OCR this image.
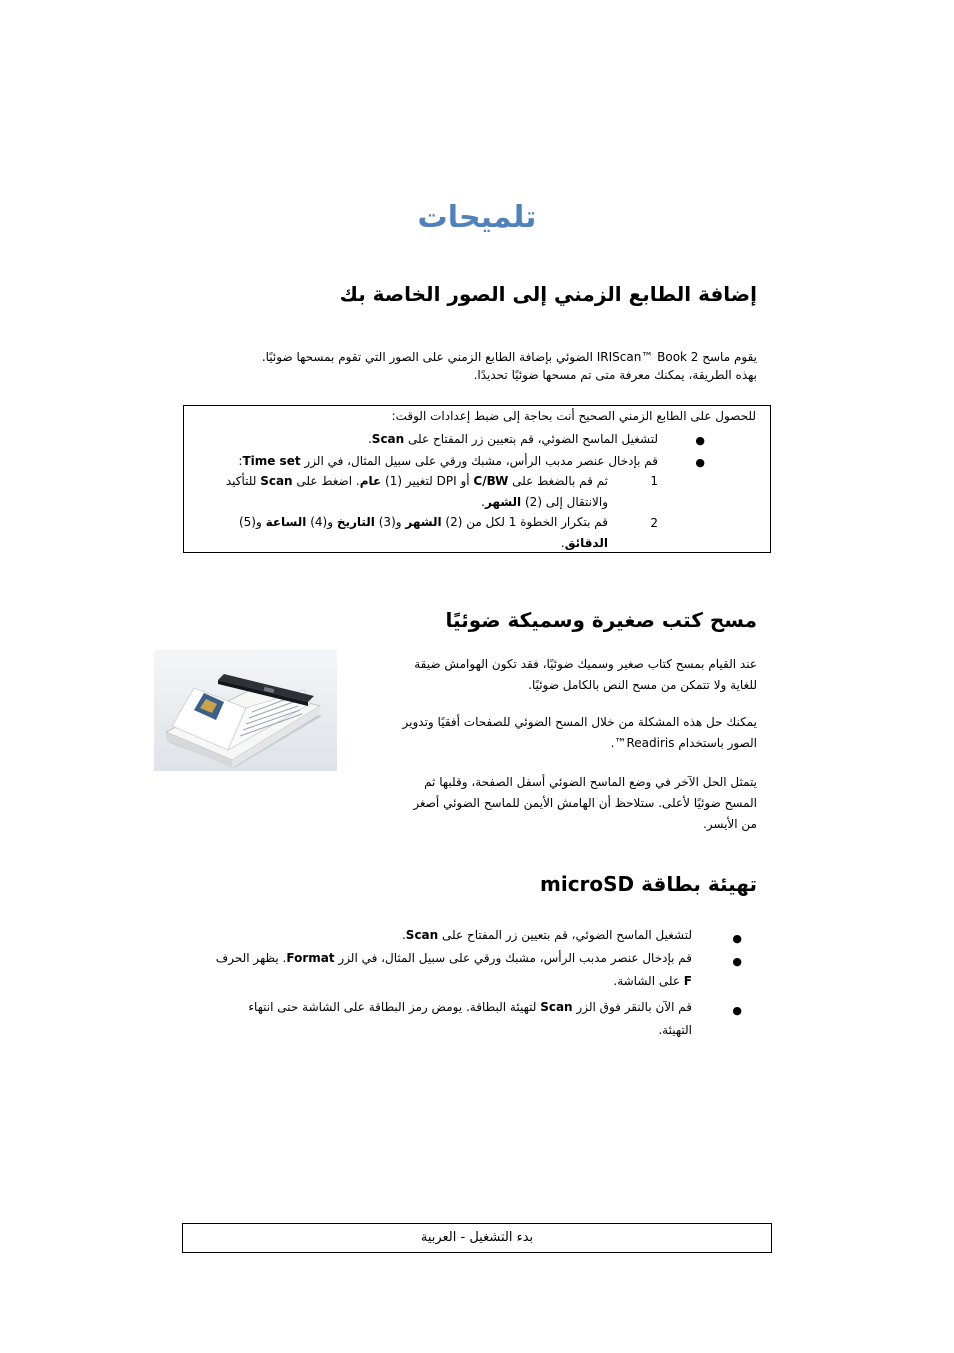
تلميحات
إضافة الطابع الزمني إلى الصور الخاصة بك

يقوم ماسح IRIScan™ Book 2 الضوئي بإضافة الطابع الزمني على الصور التي تقوم بمسحها ضوئيًا.

بهذه الطريقة، يمكنك معرفة متى تم مسحها ضوئيًا تحديدًا.

للحصول على الطابع الزمني الصحيح أنت بحاجة إلى ضبط إعدادات الوقت:
●
لتشغيل الماسح الضوئي، قم بتعيين زر المفتاح على Scan.
●
قم بإدخال عنصر مدبب الرأس، مشبك ورقي على سبيل المثال، في الزر Time set:
1
ثم قم بالضغط على C/BW أو DPI لتغيير (1) عام. اضغط على Scan للتأكيد والانتقال إلى (2) الشهر.
2
قم بتكرار الخطوة 1 لكل من (2) الشهر و(3) التاريخ و(4) الساعة و(5) الدقائق.
مسح كتب صغيرة وسميكة ضوئيًا
عند القيام بمسح كتاب صغير وسميك ضوئيًا، فقد تكون الهوامش ضيقة للغاية ولا تتمكن من مسح النص بالكامل ضوئيًا.
يمكنك حل هذه المشكلة من خلال المسح الضوئي للصفحات أفقيًا وتدوير الصور باستخدام Readiris™.
يتمثل الحل الآخر في وضع الماسح الضوئي أسفل الصفحة، وقلبها ثم المسح ضوئيًا لأعلى. ستلاحظ أن الهامش الأيمن للماسح الضوئي أصغر من الأيسر.
تهيئة بطاقة microSD
●
لتشغيل الماسح الضوئي، قم بتعيين زر المفتاح على Scan.
●
قم بإدخال عنصر مدبب الرأس، مشبك ورقي على سبيل المثال، في الزر Format. يظهر الحرف F على الشاشة.
●
قم الآن بالنقر فوق الزر Scan لتهيئة البطاقة. يومض رمز البطاقة على الشاشة حتى انتهاء التهيئة.
بدء التشغيل - العربية
